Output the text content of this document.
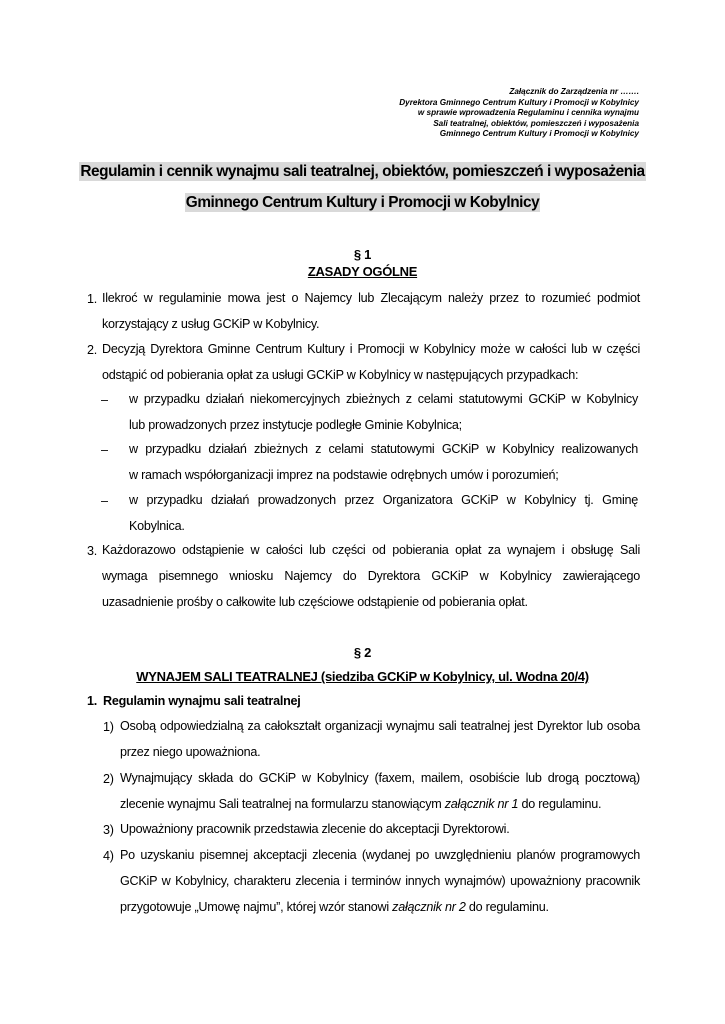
Załącznik do Zarządzenia nr …….
Dyrektora Gminnego Centrum Kultury i Promocji w Kobylnicy
w sprawie wprowadzenia Regulaminu i cennika wynajmu
Sali teatralnej, obiektów, pomieszczeń i wyposażenia
Gminnego Centrum Kultury i Promocji w Kobylnicy
Regulamin i cennik wynajmu sali teatralnej, obiektów, pomieszczeń i wyposażenia
Gminnego Centrum Kultury i Promocji w Kobylnicy
§ 1
ZASADY OGÓLNE
1. Ilekroć w regulaminie mowa jest o Najemcy lub Zlecającym należy przez to rozumieć podmiot
korzystający z usług GCKiP w Kobylnicy.
2. Decyzją Dyrektora Gminne Centrum Kultury i Promocji w Kobylnicy może w całości lub w części
odstąpić od pobierania opłat za usługi GCKiP w Kobylnicy w następujących przypadkach:
– w przypadku działań niekomercyjnych zbieżnych z celami statutowymi GCKiP w Kobylnicy
lub prowadzonych przez instytucje podległe Gminie Kobylnica;
– w przypadku działań zbieżnych z celami statutowymi GCKiP w Kobylnicy realizowanych
w ramach współorganizacji imprez na podstawie odrębnych umów i porozumień;
– w przypadku działań prowadzonych przez Organizatora GCKiP w Kobylnicy tj. Gminę
Kobylnica.
3. Każdorazowo odstąpienie w całości lub części od pobierania opłat za wynajem i obsługę Sali
wymaga pisemnego wniosku Najemcy do Dyrektora GCKiP w Kobylnicy zawierającego
uzasadnienie prośby o całkowite lub częściowe odstąpienie od pobierania opłat.
§ 2
WYNAJEM SALI TEATRALNEJ (siedziba GCKiP w Kobylnicy, ul. Wodna 20/4)
1. Regulamin wynajmu sali teatralnej
1) Osobą odpowiedzialną za całokształt organizacji wynajmu sali teatralnej jest Dyrektor lub osoba
przez niego upoważniona.
2) Wynajmujący składa do GCKiP w Kobylnicy (faxem, mailem, osobiście lub drogą pocztową)
zlecenie wynajmu Sali teatralnej na formularzu stanowiącym załącznik nr 1 do regulaminu.
3) Upoważniony pracownik przedstawia zlecenie do akceptacji Dyrektorowi.
4) Po uzyskaniu pisemnej akceptacji zlecenia (wydanej po uwzględnieniu planów programowych
GCKiP w Kobylnicy, charakteru zlecenia i terminów innych wynajmów) upoważniony pracownik
przygotowuje „Umowę najmu”, której wzór stanowi załącznik nr 2 do regulaminu.
